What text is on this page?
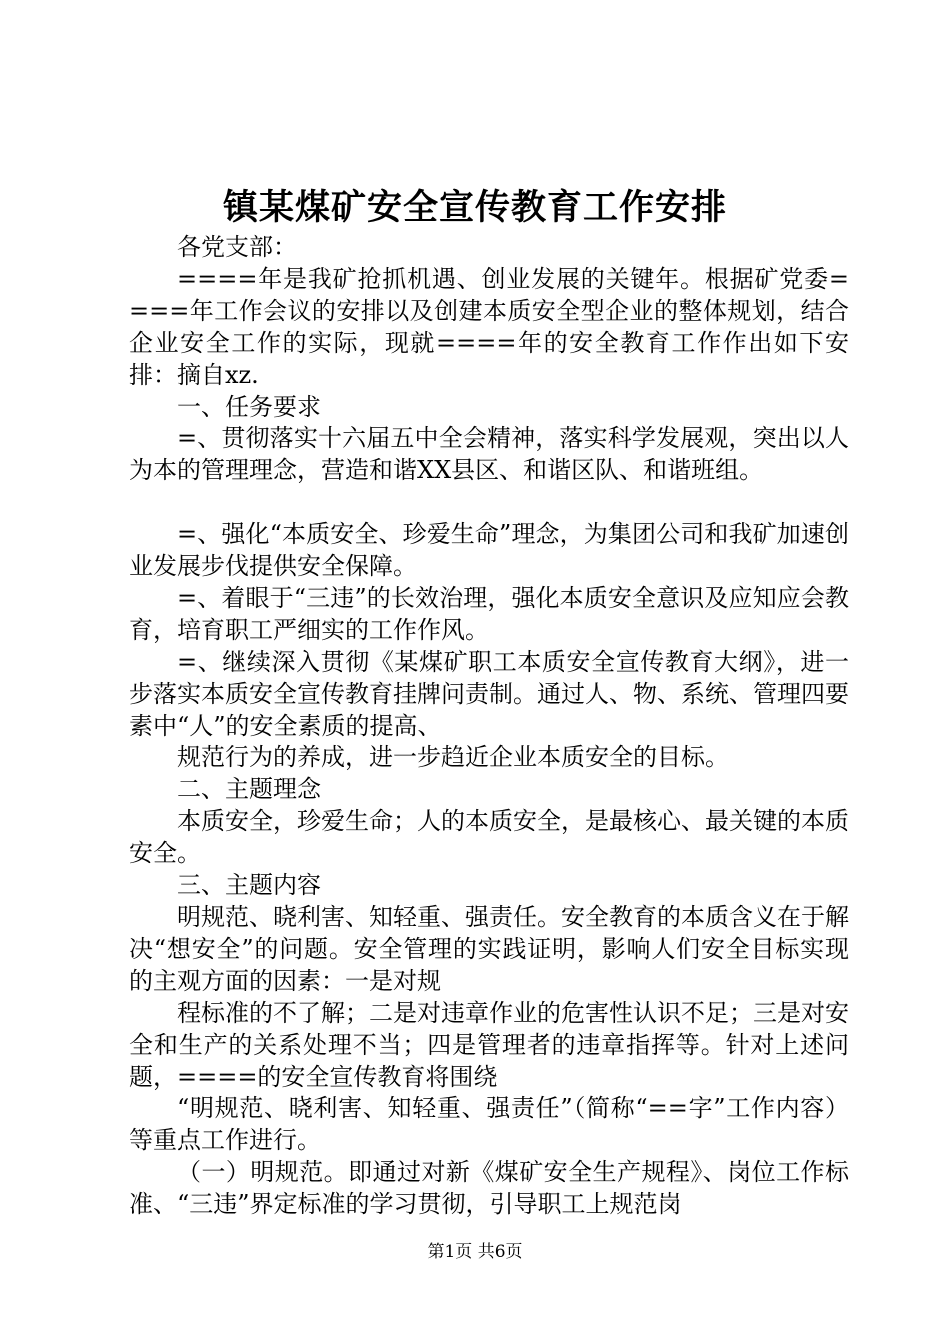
镇某煤矿安全宣传教育工作安排

各党支部：

====年是我矿抢抓机遇、创业发展的关键年。根据矿党委====年工作会议的安排以及创建本质安全型企业的整体规划，结合企业安全工作的实际，现就====年的安全教育工作作出如下安排：摘自xz.

一、任务要求

=、贯彻落实十六届五中全会精神，落实科学发展观，突出以人为本的管理理念，营造和谐XX县区、和谐区队、和谐班组。

=、强化“本质安全、珍爱生命”理念，为集团公司和我矿加速创业发展步伐提供安全保障。

=、着眼于“三违”的长效治理，强化本质安全意识及应知应会教育，培育职工严细实的工作作风。

=、继续深入贯彻《某煤矿职工本质安全宣传教育大纲》，进一步落实本质安全宣传教育挂牌问责制。通过人、物、系统、管理四要素中“人”的安全素质的提高、

规范行为的养成，进一步趋近企业本质安全的目标。

二、主题理念

本质安全，珍爱生命；人的本质安全，是最核心、最关键的本质安全。

三、主题内容

明规范、晓利害、知轻重、强责任。安全教育的本质含义在于解决“想安全”的问题。安全管理的实践证明，影响人们安全目标实现的主观方面的因素：一是对规

程标准的不了解；二是对违章作业的危害性认识不足；三是对安全和生产的关系处理不当；四是管理者的违章指挥等。针对上述问题，====的安全宣传教育将围绕

“明规范、晓利害、知轻重、强责任”（简称“==字”工作内容）等重点工作进行。

（一）明规范。即通过对新《煤矿安全生产规程》、岗位工作标准、“三违”界定标准的学习贯彻，引导职工上规范岗

第1页 共6页
